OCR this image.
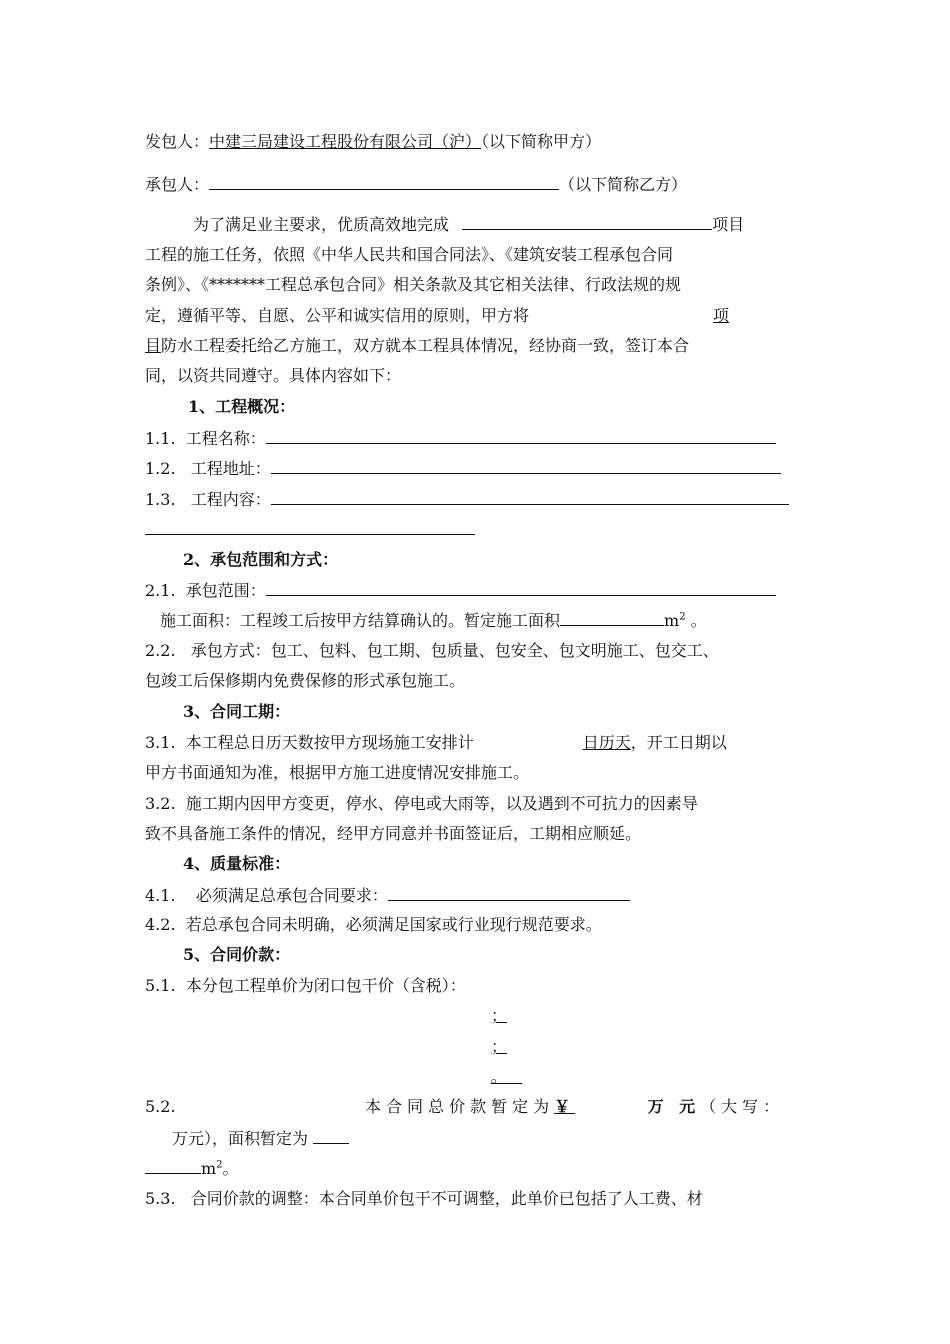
发包人：中建三局建设工程股份有限公司（沪）（以下简称甲方）
承包人：	（以下简称乙方）
为了满足业主要求，优质高效地完成	项目
工程的施工任务，依照《中华人民共和国合同法》、《建筑安装工程承包合同
条例》、《*******工程总承包合同》相关条款及其它相关法律、行政法规的规
定，遵循平等、自愿、公平和诚实信用的原则，甲方将	项
目防水工程委托给乙方施工，双方就本工程具体情况，经协商一致，签订本合
同，以资共同遵守。具体内容如下：
1、工程概况：
1.1. 工程名称：
1.2. 工程地址：
1.3. 工程内容：
2、承包范围和方式：
2.1. 承包范围：
施工面积：工程竣工后按甲方结算确认的。暂定施工面积	$m^2$ 。
2.2. 承包方式：包工、包料、包工期、包质量、包安全、包文明施工、包交工、
包竣工后保修期内免费保修的形式承包施工。
3、合同工期：
3.1. 本工程总日历天数按甲方现场施工安排计	日历天，开工日期以
甲方书面通知为准，根据甲方施工进度情况安排施工。
3.2. 施工期内因甲方变更，停水、停电或大雨等，以及遇到不可抗力的因素导
致不具备施工条件的情况，经甲方同意并书面签证后，工期相应顺延。
4、质量标准：
4.1. 必须满足总承包合同要求：
4.2. 若总承包合同未明确，必须满足国家或行业现行规范要求。
5、合同价款：
5.1. 本分包工程单价为闭口包干价（含税）：
；
；
。
5.2.	本合同总价款暂定为￥	万 元 （大写：
万元），面积暂定为
$m^2$。
5.3. 合同价款的调整：本合同单价包干不可调整，此单价已包括了人工费、材
